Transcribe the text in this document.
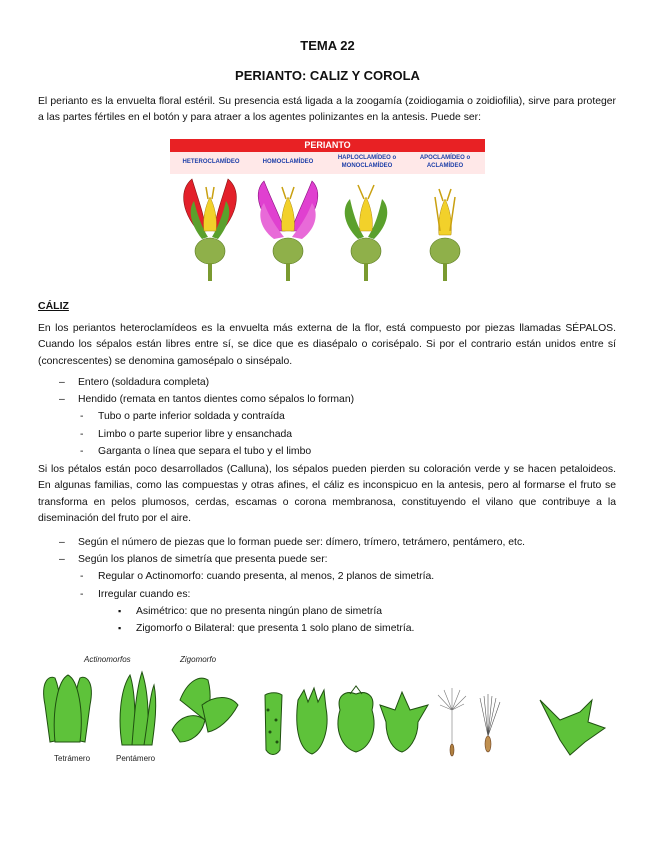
TEMA 22
PERIANTO: CALIZ Y COROLA

El perianto es la envuelta floral estéril. Su presencia está ligada a la zoogamía (zoidiogamia o zoidiofilia), sirve para proteger a las partes fértiles en el botón y para atraer a los agentes polinizantes en la antesis. Puede ser:

PERIANTO
HETEROCLAMÍDEO	HOMOCLAMÍDEO
HAPLOCLAMÍDEO o MONOCLAMÍDEO
APOCLAMÍDEO o ACLAMÍDEO
CÁLIZ

En los periantos heteroclamídeos es la envuelta más externa de la flor, está compuesto por piezas llamadas SÉPALOS. Cuando los sépalos están libres entre sí, se dice que es diasépalo o corisépalo. Si por el contrario están unidos entre sí (concrescentes) se denomina gamosépalo o sinsépalo.

– Entero (soldadura completa)
– Hendido (remata en tantos dientes como sépalos lo forman)
- Tubo o parte inferior soldada y contraída
- Limbo o parte superior libre y ensanchada
- Garganta o línea que separa el tubo y el limbo

Si los pétalos están poco desarrollados (Calluna), los sépalos pueden pierden su coloración verde y se hacen petaloideos. En algunas familias, como las compuestas y otras afines, el cáliz es inconspicuo en la antesis, pero al formarse el fruto se transforma en pelos plumosos, cerdas, escamas o corona membranosa, constituyendo el vilano que contribuye a la diseminación del fruto por el aire.

– Según el número de piezas que lo forman puede ser: dímero, trímero, tetrámero, pentámero, etc.
– Según los planos de simetría que presenta puede ser:
- Regular o Actinomorfo: cuando presenta, al menos, 2 planos de simetría.
- Irregular cuando es:
▪ Asimétrico: que no presenta ningún plano de simetría
▪ Zigomorfo o Bilateral: que presenta 1 solo plano de simetría.
Actinomorfos	Zigomorfo
Tetrámero	Pentámero
